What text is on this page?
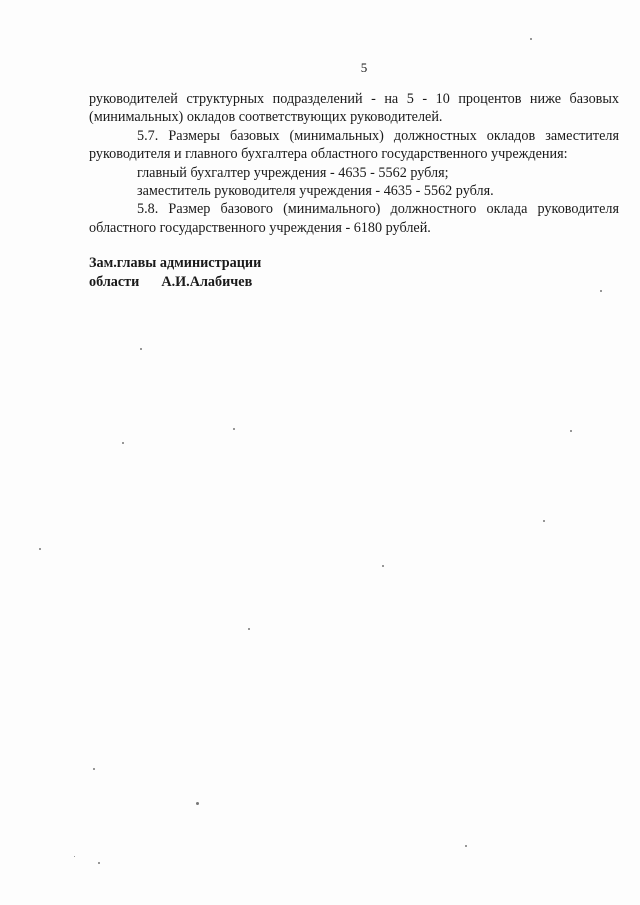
5
руководителей структурных подразделений - на 5 - 10 процентов ниже базовых
(минимальных) окладов соответствующих руководителей.
5.7. Размеры базовых (минимальных) должностных окладов заместителя
руководителя и главного бухгалтера областного государственного учреждения:
главный бухгалтер учреждения - 4635 - 5562 рубля;
заместитель руководителя учреждения - 4635 - 5562 рубля.
5.8. Размер базового (минимального) должностного оклада руководителя
областного государственного учреждения - 6180 рублей.
Зам.главы администрации
области А.И.Алабичев
